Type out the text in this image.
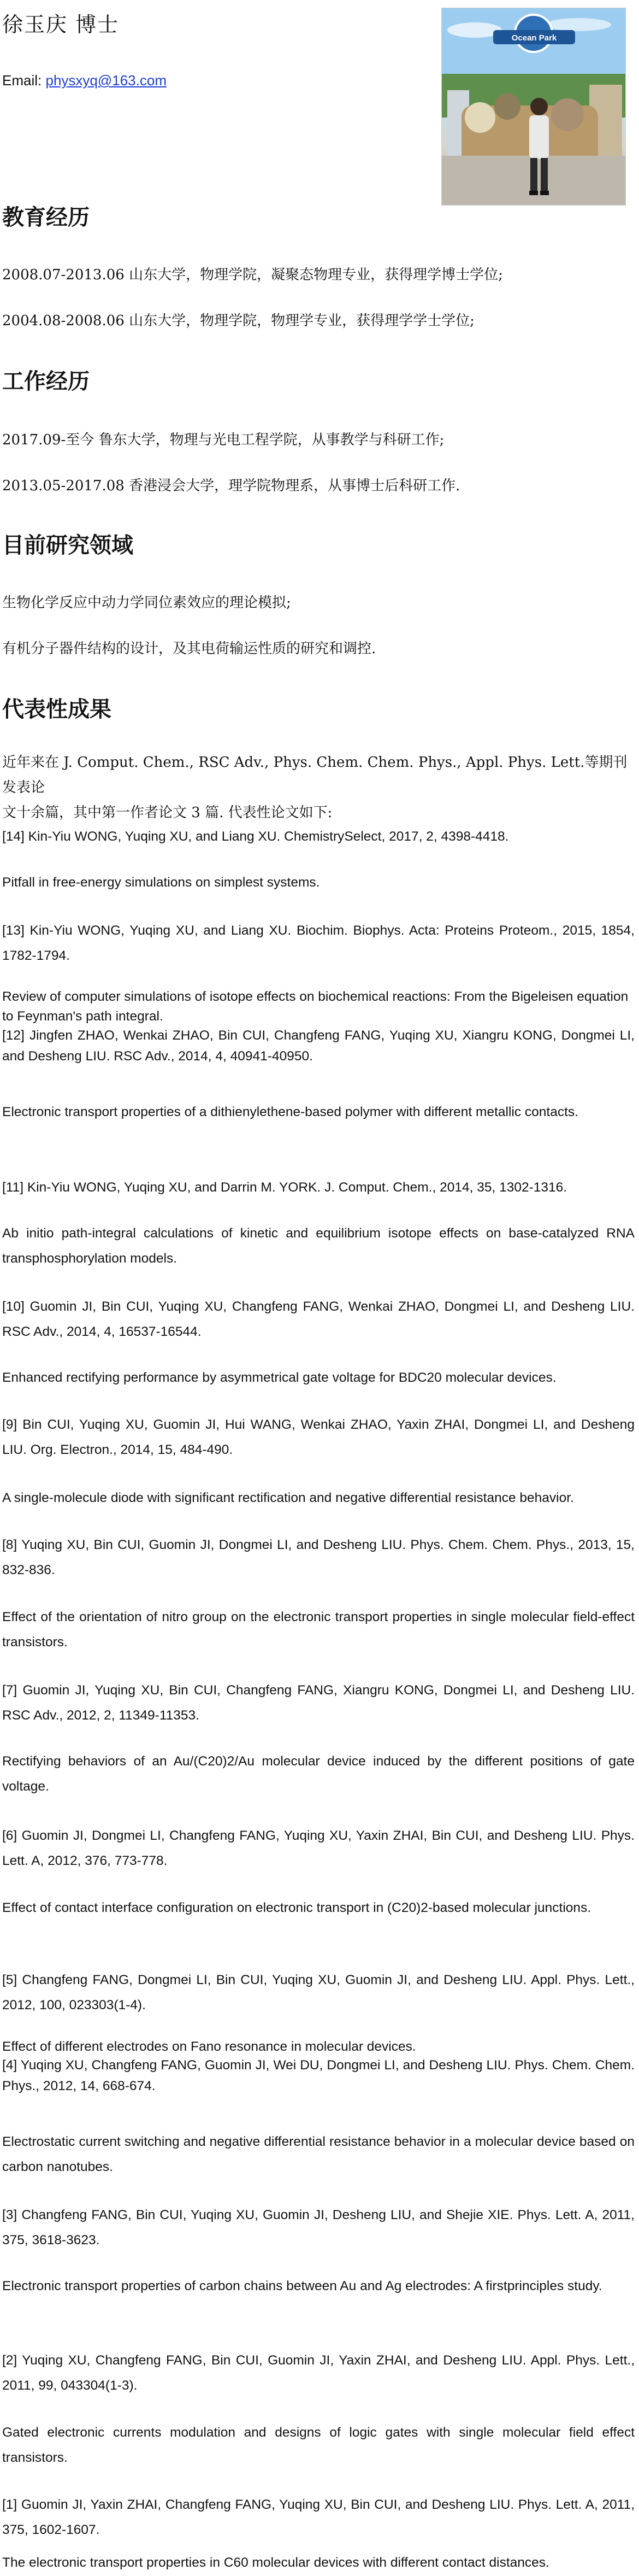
徐玉庆 博士
Email: physxyq@163.com
Ocean Park
教育经历
2008.07-2013.06 山东大学，物理学院，凝聚态物理专业，获得理学博士学位;
2004.08-2008.06 山东大学，物理学院，物理学专业，获得理学学士学位;
工作经历
2017.09-至今 鲁东大学，物理与光电工程学院，从事教学与科研工作;
2013.05-2017.08 香港浸会大学，理学院物理系，从事博士后科研工作.
目前研究领域
生物化学反应中动力学同位素效应的理论模拟;
有机分子器件结构的设计，及其电荷输运性质的研究和调控.
代表性成果
近年来在 J. Comput. Chem., RSC Adv., Phys. Chem. Chem. Phys., Appl. Phys. Lett.等期刊发表论
文十余篇，其中第一作者论文 3 篇. 代表性论文如下:

[14] Kin-Yiu WONG, Yuqing XU, and Liang XU. ChemistrySelect, 2017, 2, 4398-4418.

Pitfall in free-energy simulations on simplest systems.

[13] Kin-Yiu WONG, Yuqing XU, and Liang XU. Biochim. Biophys. Acta: Proteins Proteom., 2015, 1854, 1782-1794.

Review of computer simulations of isotope effects on biochemical reactions: From the Bigeleisen equation to Feynman's path integral.

[12] Jingfen ZHAO, Wenkai ZHAO, Bin CUI, Changfeng FANG, Yuqing XU, Xiangru KONG, Dongmei LI, and Desheng LIU. RSC Adv., 2014, 4, 40941-40950.

Electronic transport properties of a dithienylethene-based polymer with different metallic contacts.

[11] Kin-Yiu WONG, Yuqing XU, and Darrin M. YORK. J. Comput. Chem., 2014, 35, 1302-1316.

Ab initio path-integral calculations of kinetic and equilibrium isotope effects on base-catalyzed RNA transphosphorylation models.

[10] Guomin JI, Bin CUI, Yuqing XU, Changfeng FANG, Wenkai ZHAO, Dongmei LI, and Desheng LIU. RSC Adv., 2014, 4, 16537-16544.

Enhanced rectifying performance by asymmetrical gate voltage for BDC20 molecular devices.

[9] Bin CUI, Yuqing XU, Guomin JI, Hui WANG, Wenkai ZHAO, Yaxin ZHAI, Dongmei LI, and Desheng LIU. Org. Electron., 2014, 15, 484-490.

A single-molecule diode with significant rectification and negative differential resistance behavior.

[8] Yuqing XU, Bin CUI, Guomin JI, Dongmei LI, and Desheng LIU. Phys. Chem. Chem. Phys., 2013, 15, 832-836.

Effect of the orientation of nitro group on the electronic transport properties in single molecular field-effect transistors.

[7] Guomin JI, Yuqing XU, Bin CUI, Changfeng FANG, Xiangru KONG, Dongmei LI, and Desheng LIU. RSC Adv., 2012, 2, 11349-11353.

Rectifying behaviors of an Au/(C20)2/Au molecular device induced by the different positions of gate voltage.

[6] Guomin JI, Dongmei LI, Changfeng FANG, Yuqing XU, Yaxin ZHAI, Bin CUI, and Desheng LIU. Phys. Lett. A, 2012, 376, 773-778.

Effect of contact interface configuration on electronic transport in (C20)2-based molecular junctions.

[5] Changfeng FANG, Dongmei LI, Bin CUI, Yuqing XU, Guomin JI, and Desheng LIU. Appl. Phys. Lett., 2012, 100, 023303(1-4).

Effect of different electrodes on Fano resonance in molecular devices.

[4] Yuqing XU, Changfeng FANG, Guomin JI, Wei DU, Dongmei LI, and Desheng LIU. Phys. Chem. Chem. Phys., 2012, 14, 668-674.

Electrostatic current switching and negative differential resistance behavior in a molecular device based on carbon nanotubes.

[3] Changfeng FANG, Bin CUI, Yuqing XU, Guomin JI, Desheng LIU, and Shejie XIE. Phys. Lett. A, 2011, 375, 3618-3623.

Electronic transport properties of carbon chains between Au and Ag electrodes: A firstprinciples study.

[2] Yuqing XU, Changfeng FANG, Bin CUI, Guomin JI, Yaxin ZHAI, and Desheng LIU. Appl. Phys. Lett., 2011, 99, 043304(1-3).

Gated electronic currents modulation and designs of logic gates with single molecular field effect transistors.

[1] Guomin JI, Yaxin ZHAI, Changfeng FANG, Yuqing XU, Bin CUI, and Desheng LIU. Phys. Lett. A, 2011, 375, 1602-1607.

The electronic transport properties in C60 molecular devices with different contact distances.
